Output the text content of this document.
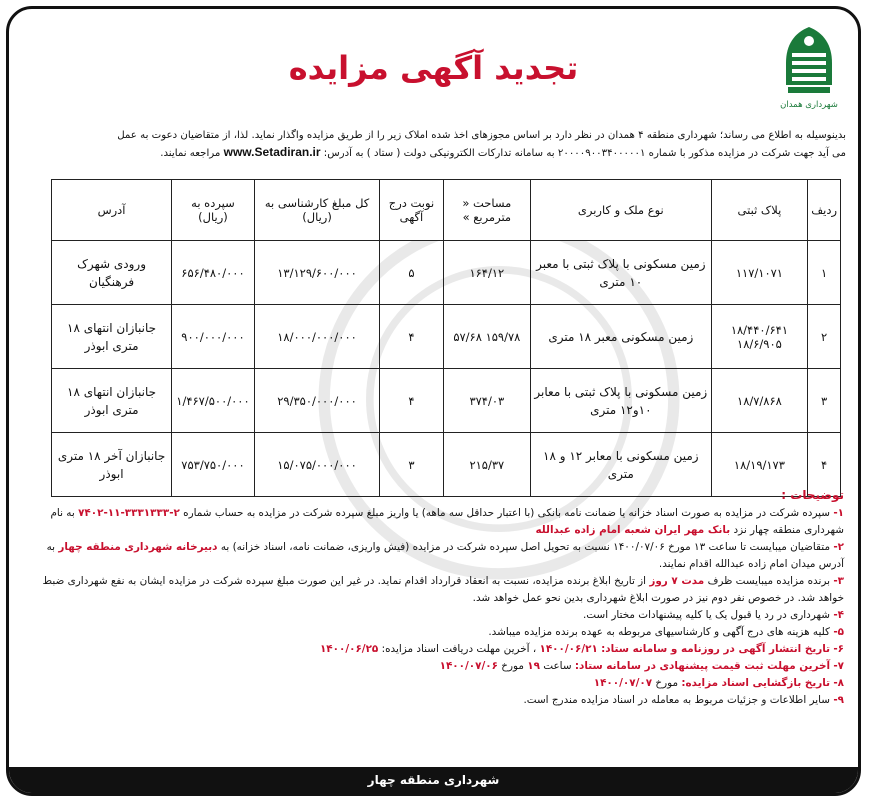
شهرداری همدان
تجدید آگهی مزایده
بدینوسیله به اطلاع می رساند؛ شهرداری منطقه ۴ همدان در نظر دارد بر اساس مجوزهای اخذ شده املاک زیر را از طریق مزایده واگذار نماید. لذا، از متقاضیان دعوت به عمل
می آید جهت شرکت در مزایده مذکور با شماره ۲۰۰۰۰۹۰۰۳۴۰۰۰۰۰۱ به سامانه تدارکات الکترونیکی دولت ( ستاد ) به آدرس: www.Setadiran.ir مراجعه نمایند.
ردیف	پلاک ثبتی	نوع ملک و کاربری	مساحت « مترمربع »	نوبت درج آگهی	کل مبلغ کارشناسی به (ریال)	سپرده به (ریال)	آدرس
۱	۱۱۷/۱۰۷۱	زمین مسکونی با پلاک ثبتی با معبر ۱۰ متری	۱۶۴/۱۲	۵	۱۳/۱۲۹/۶۰۰/۰۰۰	۶۵۶/۴۸۰/۰۰۰	ورودی شهرک فرهنگیان
۲	۱۸/۴۴۰/۶۴۱ ۱۸/۶/۹۰۵	زمین مسکونی معبر ۱۸ متری	۱۵۹/۷۸ ۵۷/۶۸	۴	۱۸/۰۰۰/۰۰۰/۰۰۰	۹۰۰/۰۰۰/۰۰۰	جانبازان انتهای ۱۸ متری ابوذر
۳	۱۸/۷/۸۶۸	زمین مسکونی با پلاک ثبتی با معابر ۱۰و۱۲ متری	۳۷۴/۰۳	۴	۲۹/۳۵۰/۰۰۰/۰۰۰	۱/۴۶۷/۵۰۰/۰۰۰	جانبازان انتهای ۱۸ متری ابوذر
۴	۱۸/۱۹/۱۷۳	زمین مسکونی با معابر ۱۲ و ۱۸ متری	۲۱۵/۳۷	۳	۱۵/۰۷۵/۰۰۰/۰۰۰	۷۵۳/۷۵۰/۰۰۰	جانبازان آخر ۱۸ متری ابوذر
توضیحات :

۱- سپرده شرکت در مزایده به صورت اسناد خزانه یا ضمانت نامه بانکی (با اعتبار حداقل سه ماهه) یا واریز مبلغ سپرده شرکت در مزایده به حساب شماره ۲-۳۳۳۱۳۳۳-۱۱-۷۴۰۲ به نام شهرداری منطقه چهار نزد بانک مهر ایران شعبه امام زاده عبدالله

۲- متقاضیان میبایست تا ساعت ۱۳ مورخ ۱۴۰۰/۰۷/۰۶ نسبت به تحویل اصل سپرده شرکت در مزایده (فیش واریزی، ضمانت نامه، اسناد خزانه) به دبیرخانه شهرداری منطقه چهار به آدرس میدان امام زاده عبدالله اقدام نمایند.

۳- برنده مزایده میبایست ظرف مدت ۷ روز از تاریخ ابلاغ برنده مزایده، نسبت به انعقاد قرارداد اقدام نماید. در غیر این صورت مبلغ سپرده شرکت در مزایده ایشان به نفع شهرداری ضبط خواهد شد. در خصوص نفر دوم نیز در صورت ابلاغ شهرداری بدین نحو عمل خواهد شد.

۴- شهرداری در رد یا قبول یک یا کلیه پیشنهادات مختار است.

۵- کلیه هزینه های درج آگهی و کارشناسیهای مربوطه به عهده برنده مزایده میباشد.

۶- تاریخ انتشار آگهی در روزنامه و سامانه ستاد: ۱۴۰۰/۰۶/۲۱ ، آخرین مهلت دریافت اسناد مزایده: ۱۴۰۰/۰۶/۲۵

۷- آخرین مهلت ثبت قیمت پیشنهادی در سامانه ستاد: ساعت ۱۹ مورخ ۱۴۰۰/۰۷/۰۶

۸- تاریخ بازگشایی اسناد مزایده: مورخ ۱۴۰۰/۰۷/۰۷

۹- سایر اطلاعات و جزئیات مربوط به معامله در اسناد مزایده مندرج است.

شهرداری منطقه چهار
